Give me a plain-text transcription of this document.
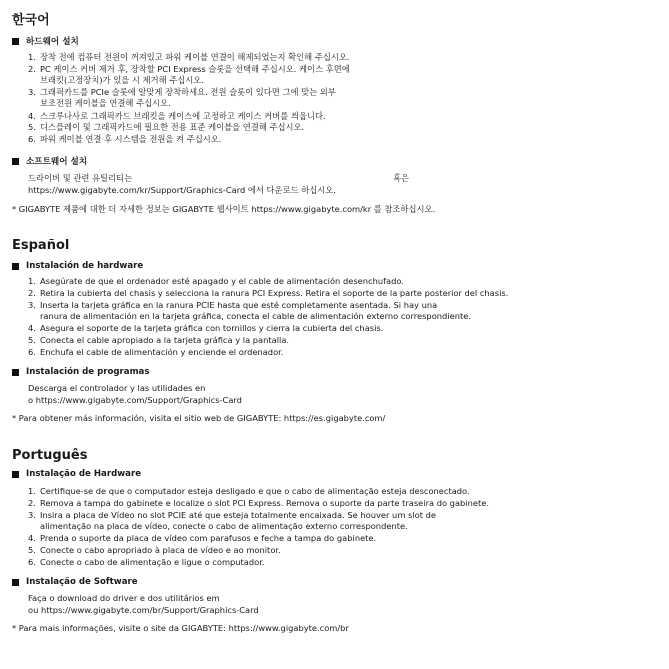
한국어
하드웨어 설치
1. 장착 전에 컴퓨터 전원이 꺼져있고 파워 케이블 연결이 해제되었는지 확인해 주십시오.
2. PC 케이스 커버 제거 후, 장착할 PCI Express 슬롯을 선택해 주십시오. 케이스 후면에
브래킷(고정장치)가 있을 시 제거해 주십시오.
3. 그래픽카드를 PCIe 슬롯에 알맞게 장착하세요. 전원 슬롯이 있다면 그에 맞는 외부
보조전원 케이블을 연결해 주십시오.
4. 스크루나사로 그래픽카드 브래킷을 케이스에 고정하고 케이스 커버를 씌웁니다.
5. 디스플레이 및 그래픽카드에 필요한 전용 표준 케이블을 연결해 주십시오.
6. 파워 케이블 연결 후 시스템을 전원을 켜 주십시오.
소프트웨어 설치
드라이버 및 관련 유틸리티는	혹은
https://www.gigabyte.com/kr/Support/Graphics-Card 에서 다운로드 하십시오.
* GIGABYTE 제품에 대한 더 자세한 정보는 GIGABYTE 웹사이트 https://www.gigabyte.com/kr 를 참조하십시오.
Español
Instalación de hardware
1. Asegúrate de que el ordenador esté apagado y el cable de alimentación desenchufado.
2. Retira la cubierta del chasis y selecciona la ranura PCI Express. Retira el soporte de la parte posterior del chasis.
3. Inserta la tarjeta gráfica en la ranura PCIE hasta que esté completamente asentada. Si hay una
ranura de alimentación en la tarjeta gráfica, conecta el cable de alimentación externo correspondiente.
4. Asegura el soporte de la tarjeta gráfica con tornillos y cierra la cubierta del chasis.
5. Conecta el cable apropiado a la tarjeta gráfica y la pantalla.
6. Enchufa el cable de alimentación y enciende el ordenador.
Instalación de programas
Descarga el controlador y las utilidades en
o https://www.gigabyte.com/Support/Graphics-Card
* Para obtener más información, visita el sitio web de GIGABYTE: https://es.gigabyte.com/
Português
Instalação de Hardware
1. Certifique-se de que o computador esteja desligado e que o cabo de alimentação esteja desconectado.
2. Remova a tampa do gabinete e localize o slot PCI Express. Remova o suporte da parte traseira do gabinete.
3. Insira a placa de Vídeo no slot PCIE até que esteja totalmente encaixada. Se houver um slot de
alimentação na placa de vídeo, conecte o cabo de alimentação externo correspondente.
4. Prenda o suporte da placa de vídeo com parafusos e feche a tampa do gabinete.
5. Conecte o cabo apropriado à placa de vídeo e ao monitor.
6. Conecte o cabo de alimentação e ligue o computador.
Instalação de Software
Faça o download do driver e dos utilitários em
ou https://www.gigabyte.com/br/Support/Graphics-Card
* Para mais informações, visite o site da GIGABYTE: https://www.gigabyte.com/br
